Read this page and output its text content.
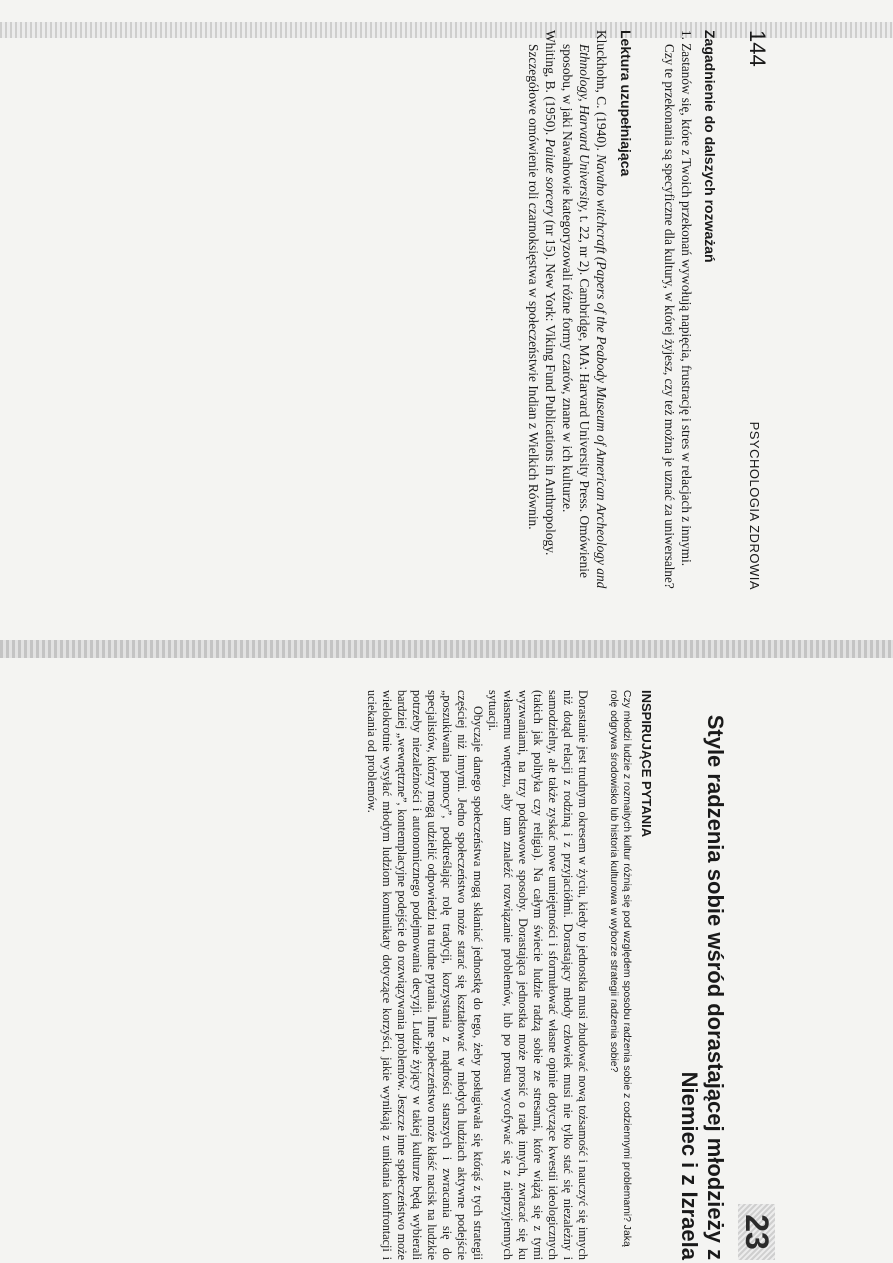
144
PSYCHOLOGIA ZDROWIA
Zagadnienie do dalszych rozważań

1. Zastanów się, które z Twoich przekonań wywołują napięcia, frustrację i stres w relacjach z innymi. Czy te przekonania są specyficzne dla kultury, w której żyjesz, czy też można je uznać za uniwersalne?

Lektura uzupełniająca

Kluckhohn, C. (1940). Navaho witchcraft (Papers of the Peabody Museum of American Archeology and Ethnology, Harvard University, t. 22, nr 2). Cambridge, MA: Harvard University Press. Omówienie sposobu, w jaki Nawahowie kategoryzowali różne formy czarów, znane w ich kulturze.

Whiting, B. (1950). Paiute sorcery (nr 15). New York: Viking Fund Publications in Anthropology. Szczegółowe omówienie roli czarnoksięstwa w społeczeństwie Indian z Wielkich Równin.

23
Style radzenia sobie wśród dorastającej młodzieży z Niemiec i z Izraela
INSPIRUJĄCE PYTANIA

Czy młodzi ludzie z rozmaitych kultur różnią się pod względem sposobu radzenia sobie z codziennymi problemami? Jaką rolę odgrywa środowisko lub historia kulturowa w wyborze strategii radzenia sobie?

Dorastanie jest trudnym okresem w życiu, kiedy to jednostka musi zbudować nową tożsamość i nauczyć się innych niż dotąd relacji z rodziną i z przyjaciółmi. Dorastający młody człowiek musi nie tylko stać się niezależny i samodzielny, ale także zyskać nowe umiejętności i sformułować własne opinie dotyczące kwestii ideologicznych (takich jak polityka czy religia). Na całym świecie ludzie radzą sobie ze stresami, które wiążą się z tymi wyzwaniami, na trzy podstawowe sposoby. Dorastająca jednostka może prosić o radę innych, zwracać się ku własnemu wnętrzu, aby tam znaleźć rozwiązanie problemów, lub po prostu wycofywać się z nieprzyjemnych sytuacji.

Obyczaje danego społeczeństwa mogą skłaniać jednostkę do tego, żeby posługiwała się którąś z tych strategii częściej niż innymi. Jedno społeczeństwo może starać się kształtować w młodych ludziach aktywne podejście „poszukiwania pomocy”, podkreślając rolę tradycji, korzystania z mądrości starszych i zwracania się do specjalistów, którzy mogą udzielić odpowiedzi na trudne pytania. Inne społeczeństwo może kłaść nacisk na ludzkie potrzeby niezależności i autonomicznego podejmowania decyzji. Ludzie żyjący w takiej kulturze będą wybierali bardziej „wewnętrzne”, kontemplacyjne podejście do rozwiązywania problemów. Jeszcze inne społeczeństwo może wielokrotnie wysyłać młodym ludziom komunikaty dotyczące korzyści, jakie wynikają z unikania konfrontacji i uciekania od problemów.
